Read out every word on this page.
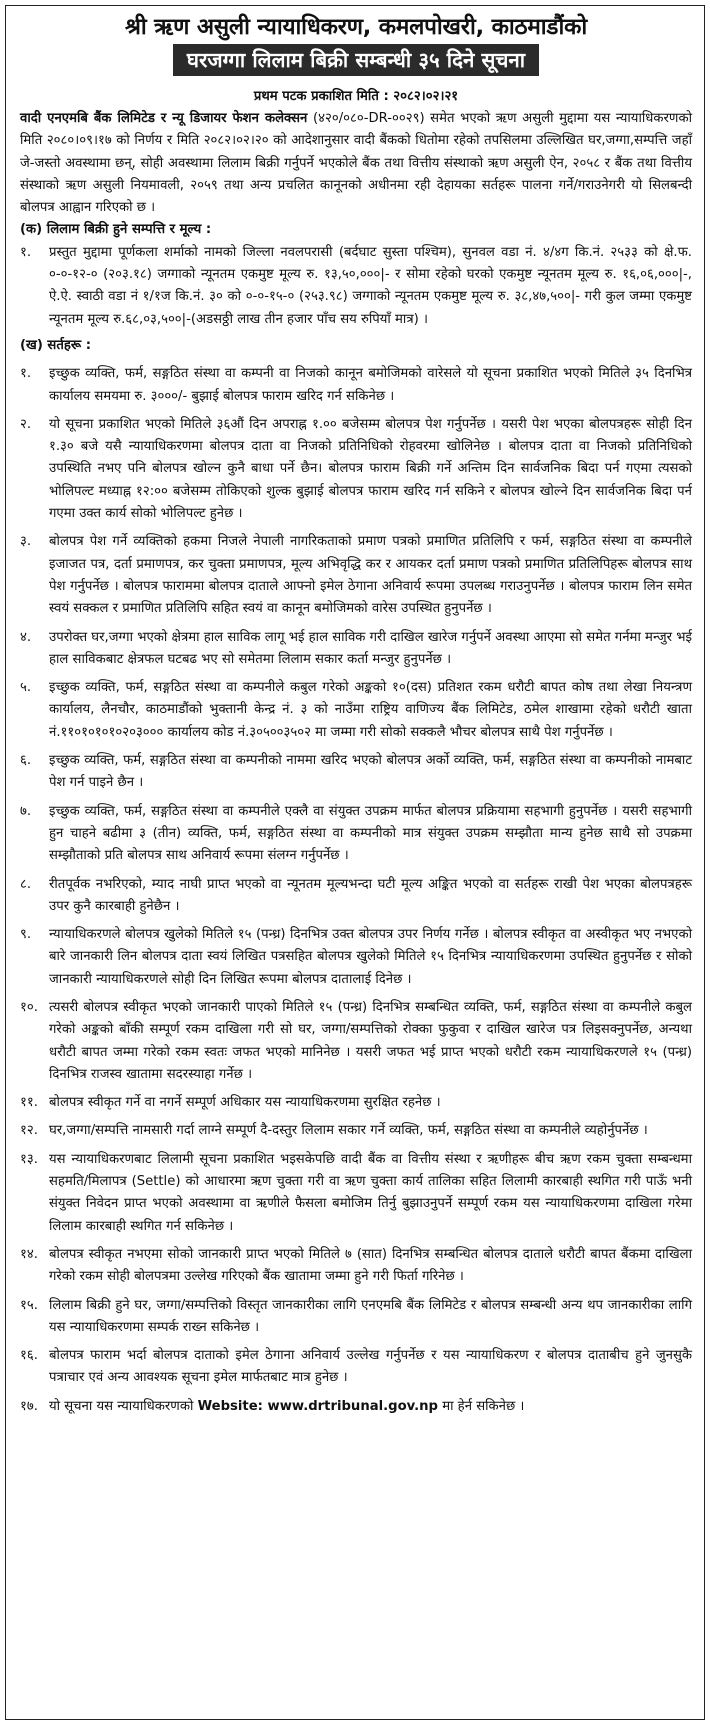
श्री ऋण असुली न्यायाधिकरण, कमलपोखरी, काठमाडौंको
घरजग्गा लिलाम बिक्री सम्बन्धी ३५ दिने सूचना
प्रथम पटक प्रकाशित मिति : २०८२।०२।२१

वादी एनएमबि बैंक लिमिटेड र न्यू डिजायर फेशन कलेक्सन (४२०/०८०-DR-००२९) समेत भएको ऋण असुली मुद्दामा यस न्यायाधिकरणको मिति २०८०।०९।१७ को निर्णय र मिति २०८२।०२।२० को आदेशानुसार वादी बैंकको धितोमा रहेको तपसिलमा उल्लिखित घर,जग्गा,सम्पत्ति जहाँ जे-जस्तो अवस्थामा छन्, सोही अवस्थामा लिलाम बिक्री गर्नुपर्ने भएकोले बैंक तथा वित्तीय संस्थाको ऋण असुली ऐन, २०५८ र बैंक तथा वित्तीय संस्थाको ऋण असुली नियमावली, २०५९ तथा अन्य प्रचलित कानूनको अधीनमा रही देहायका सर्तहरू पालना गर्ने/गराउनेगरी यो सिलबन्दी बोलपत्र आह्वान गरिएको छ ।

(क) लिलाम बिक्री हुने सम्पत्ति र मूल्य :
१.	प्रस्तुत मुद्दामा पूर्णकला शर्माको नामको जिल्ला नवलपरासी (बर्दघाट सुस्ता पश्चिम), सुनवल वडा नं. ४/४ग कि.नं. २५३३ को क्षे.फ. ०-०-१२-० (२०३.१८) जग्गाको न्यूनतम एकमुष्ट मूल्य रु. १३,५०,०००|- र सोमा रहेको घरको एकमुष्ट न्यूनतम मूल्य रु. १६,०६,०००|-, ऐ.ऐ. स्वाठी वडा नं १/१ज कि.नं. ३० को ०-०-१५-० (२५३.९८) जग्गाको न्यूनतम एकमुष्ट मूल्य रु. ३८,४७,५००|- गरी कुल जम्मा एकमुष्ट न्यूनतम मूल्य रु.६८,०३,५००|-(अडसठ्ठी लाख तीन हजार पाँच सय रुपियाँ मात्र) ।
(ख) सर्तहरू :
१.	इच्छुक व्यक्ति, फर्म, सङ्गठित संस्था वा कम्पनी वा निजको कानून बमोजिमको वारेसले यो सूचना प्रकाशित भएको मितिले ३५ दिनभित्र कार्यालय समयमा रु. ३०००/- बुझाई बोलपत्र फाराम खरिद गर्न सकिनेछ ।
२.	यो सूचना प्रकाशित भएको मितिले ३६औं दिन अपराह्न १.०० बजेसम्म बोलपत्र पेश गर्नुपर्नेछ । यसरी पेश भएका बोलपत्रहरू सोही दिन १.३० बजे यसै न्यायाधिकरणमा बोलपत्र दाता वा निजको प्रतिनिधिको रोहवरमा खोलिनेछ । बोलपत्र दाता वा निजको प्रतिनिधिको उपस्थिति नभए पनि बोलपत्र खोल्न कुनै बाधा पर्ने छैन। बोलपत्र फाराम बिक्री गर्ने अन्तिम दिन सार्वजनिक बिदा पर्न गएमा त्यसको भोलिपल्ट मध्याह्न १२:०० बजेसम्म तोकिएको शुल्क बुझाई बोलपत्र फाराम खरिद गर्न सकिने र बोलपत्र खोल्ने दिन सार्वजनिक बिदा पर्न गएमा उक्त कार्य सोको भोलिपल्ट हुनेछ ।
३.	बोलपत्र पेश गर्ने व्यक्तिको हकमा निजले नेपाली नागरिकताको प्रमाण पत्रको प्रमाणित प्रतिलिपि र फर्म, सङ्गठित संस्था वा कम्पनीले इजाजत पत्र, दर्ता प्रमाणपत्र, कर चुक्ता प्रमाणपत्र, मूल्य अभिवृद्धि कर र आयकर दर्ता प्रमाण पत्रको प्रमाणित प्रतिलिपिहरू बोलपत्र साथ पेश गर्नुपर्नेछ । बोलपत्र फाराममा बोलपत्र दाताले आफ्नो इमेल ठेगाना अनिवार्य रूपमा उपलब्ध गराउनुपर्नेछ । बोलपत्र फाराम लिन समेत स्वयं सक्कल र प्रमाणित प्रतिलिपि सहित स्वयं वा कानून बमोजिमको वारेस उपस्थित हुनुपर्नेछ ।
४.	उपरोक्त घर,जग्गा भएको क्षेत्रमा हाल साविक लागू भई हाल साविक गरी दाखिल खारेज गर्नुपर्ने अवस्था आएमा सो समेत गर्नमा मन्जुर भई हाल साविकबाट क्षेत्रफल घटबढ भए सो समेतमा लिलाम सकार कर्ता मन्जुर हुनुपर्नेछ ।
५.	इच्छुक व्यक्ति, फर्म, सङ्गठित संस्था वा कम्पनीले कबुल गरेको अङ्कको १०(दस) प्रतिशत रकम धरौटी बापत कोष तथा लेखा नियन्त्रण कार्यालय, लैनचौर, काठमाडौंको भुक्तानी केन्द्र नं. ३ को नाउँमा राष्ट्रिय वाणिज्य बैंक लिमिटेड, ठमेल शाखामा रहेको धरौटी खाता नं.११०१०१०१०२०३००० कार्यालय कोड नं.३०५००३५०२ मा जम्मा गरी सोको सक्कलै भौचर बोलपत्र साथै पेश गर्नुपर्नेछ ।
६.	इच्छुक व्यक्ति, फर्म, सङ्गठित संस्था वा कम्पनीको नाममा खरिद भएको बोलपत्र अर्को व्यक्ति, फर्म, सङ्गठित संस्था वा कम्पनीको नामबाट पेश गर्न पाइने छैन ।
७.	इच्छुक व्यक्ति, फर्म, सङ्गठित संस्था वा कम्पनीले एक्लै वा संयुक्त उपक्रम मार्फत बोलपत्र प्रक्रियामा सहभागी हुनुपर्नेछ । यसरी सहभागी हुन चाहने बढीमा ३ (तीन) व्यक्ति, फर्म, सङ्गठित संस्था वा कम्पनीको मात्र संयुक्त उपक्रम सम्झौता मान्य हुनेछ साथै सो उपक्रमा सम्झौताको प्रति बोलपत्र साथ अनिवार्य रूपमा संलग्न गर्नुपर्नेछ ।
८.	रीतपूर्वक नभरिएको, म्याद नाघी प्राप्त भएको वा न्यूनतम मूल्यभन्दा घटी मूल्य अङ्कित भएको वा सर्तहरू राखी पेश भएका बोलपत्रहरू उपर कुनै कारबाही हुनेछैन ।
९.	न्यायाधिकरणले बोलपत्र खुलेको मितिले १५ (पन्ध्र) दिनभित्र उक्त बोलपत्र उपर निर्णय गर्नेछ । बोलपत्र स्वीकृत वा अस्वीकृत भए नभएको बारे जानकारी लिन बोलपत्र दाता स्वयं लिखित पत्रसहित बोलपत्र खुलेको मितिले १५ दिनभित्र न्यायाधिकरणमा उपस्थित हुनुपर्नेछ र सोको जानकारी न्यायाधिकरणले सोही दिन लिखित रूपमा बोलपत्र दातालाई दिनेछ ।
१०. त्यसरी बोलपत्र स्वीकृत भएको जानकारी पाएको मितिले १५ (पन्ध्र) दिनभित्र सम्बन्धित व्यक्ति, फर्म, सङ्गठित संस्था वा कम्पनीले कबुल गरेको अङ्कको बाँकी सम्पूर्ण रकम दाखिला गरी सो घर, जग्गा/सम्पत्तिको रोक्का फुकुवा र दाखिल खारेज पत्र लिइसक्नुपर्नेछ, अन्यथा धरौटी बापत जम्मा गरेको रकम स्वतः जफत भएको मानिनेछ । यसरी जफत भई प्राप्त भएको धरौटी रकम न्यायाधिकरणले १५ (पन्ध्र) दिनभित्र राजस्व खातामा सदरस्याहा गर्नेछ ।
११. बोलपत्र स्वीकृत गर्ने वा नगर्ने सम्पूर्ण अधिकार यस न्यायाधिकरणमा सुरक्षित रहनेछ ।
१२. घर,जग्गा/सम्पत्ति नामसारी गर्दा लाग्ने सम्पूर्ण दै-दस्तुर लिलाम सकार गर्ने व्यक्ति, फर्म, सङ्गठित संस्था वा कम्पनीले व्यहोर्नुपर्नेछ ।
१३. यस न्यायाधिकरणबाट लिलामी सूचना प्रकाशित भइसकेपछि वादी बैंक वा वित्तीय संस्था र ऋणीहरू बीच ऋण रकम चुक्ता सम्बन्धमा सहमति/मिलापत्र (Settle) को आधारमा ऋण चुक्ता गरी वा ऋण चुक्ता कार्य तालिका सहित लिलामी कारबाही स्थगित गरी पाऊँ भनी संयुक्त निवेदन प्राप्त भएको अवस्थामा वा ऋणीले फैसला बमोजिम तिर्नु बुझाउनुपर्ने सम्पूर्ण रकम यस न्यायाधिकरणमा दाखिला गरेमा लिलाम कारबाही स्थगित गर्न सकिनेछ ।
१४. बोलपत्र स्वीकृत नभएमा सोको जानकारी प्राप्त भएको मितिले ७ (सात) दिनभित्र सम्बन्धित बोलपत्र दाताले धरौटी बापत बैंकमा दाखिला गरेको रकम सोही बोलपत्रमा उल्लेख गरिएको बैंक खातामा जम्मा हुने गरी फिर्ता गरिनेछ ।
१५. लिलाम बिक्री हुने घर, जग्गा/सम्पत्तिको विस्तृत जानकारीका लागि एनएमबि बैंक लिमिटेड र बोलपत्र सम्बन्धी अन्य थप जानकारीका लागि यस न्यायाधिकरणमा सम्पर्क राख्न सकिनेछ ।
१६. बोलपत्र फाराम भर्दा बोलपत्र दाताको इमेल ठेगाना अनिवार्य उल्लेख गर्नुपर्नेछ र यस न्यायाधिकरण र बोलपत्र दाताबीच हुने जुनसुकै पत्राचार एवं अन्य आवश्यक सूचना इमेल मार्फतबाट मात्र हुनेछ ।
१७. यो सूचना यस न्यायाधिकरणको Website: www.drtribunal.gov.np मा हेर्न सकिनेछ ।
